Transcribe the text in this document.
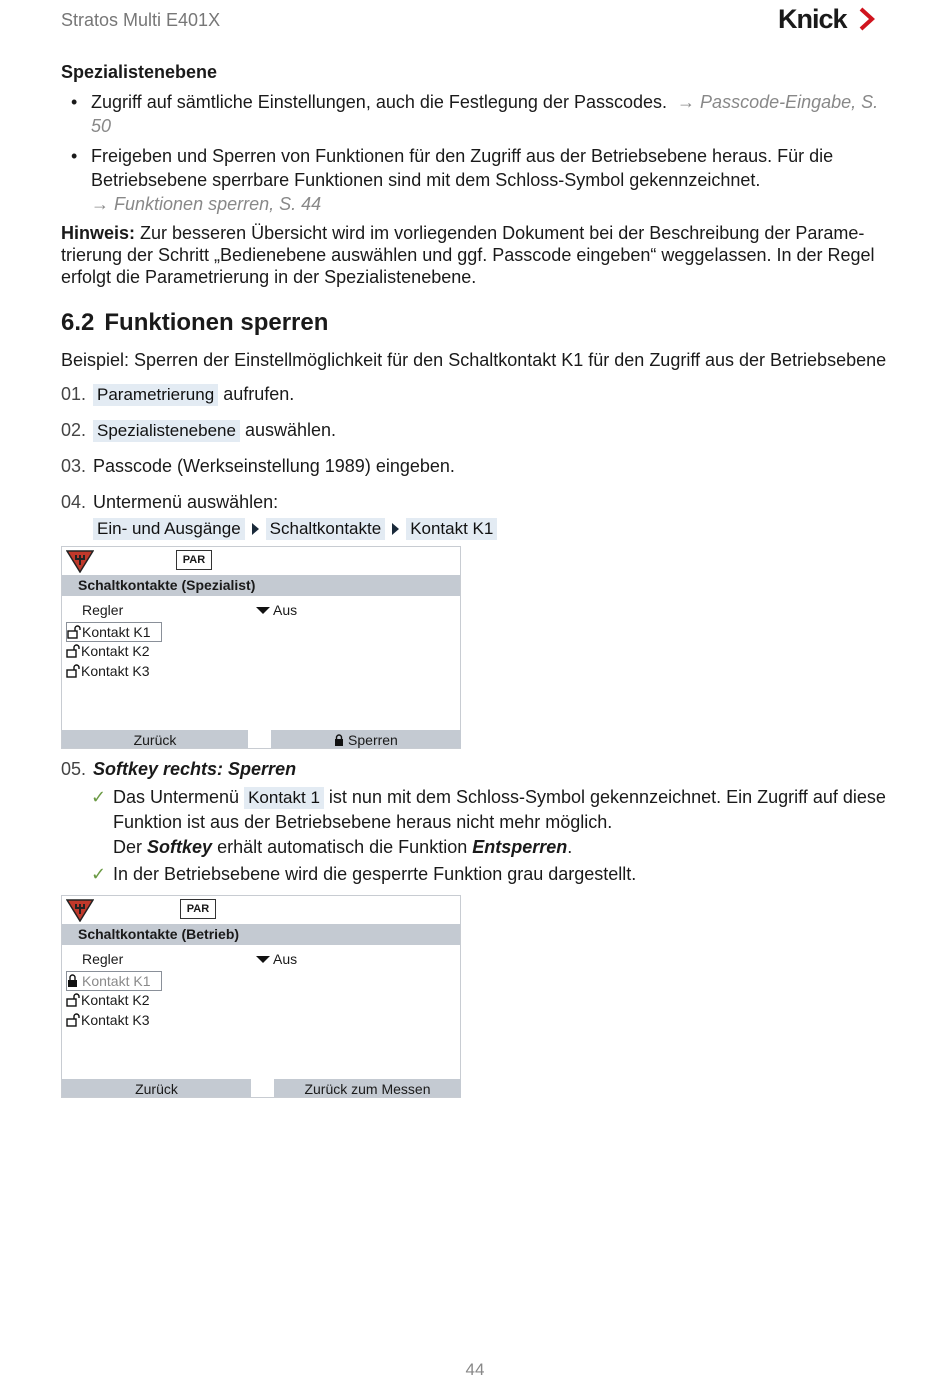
Stratos Multi E401X	Knick
Spezialistenebene
• Zugriff auf sämtliche Einstellungen, auch die Festlegung der Passcodes.  → Passcode-Eingabe, S. 50
• Freigeben und Sperren von Funktionen für den Zugriff aus der Betriebsebene heraus. Für die Betriebsebene sperrbare Funktionen sind mit dem Schloss-Symbol gekennzeichnet.
→ Funktionen sperren, S. 44
Hinweis: Zur besseren Übersicht wird im vorliegenden Dokument bei der Beschreibung der Parame-
trierung der Schritt „Bedienebene auswählen und ggf. Passcode eingeben“ weggelassen. In der Regel
erfolgt die Parametrierung in der Spezialistenebene.
6.2 Funktionen sperren
Beispiel: Sperren der Einstellmöglichkeit für den Schaltkontakt K1 für den Zugriff aus der Betriebsebene
01. Parametrierung aufrufen.
02. Spezialistenebene auswählen.
03. Passcode (Werkseinstellung 1989) eingeben.
04. Untermenü auswählen:
Ein- und Ausgänge Schaltkontakte Kontakt K1
PAR
Schaltkontakte (Spezialist)
Regler	Aus
Kontakt K1
Kontakt K2
Kontakt K3
Zurück	Sperren
05. Softkey rechts: Sperren
✓ Das Untermenü Kontakt 1 ist nun mit dem Schloss-Symbol gekennzeichnet. Ein Zugriff auf diese Funktion ist aus der Betriebsebene heraus nicht mehr möglich.
Der Softkey erhält automatisch die Funktion Entsperren.
✓ In der Betriebsebene wird die gesperrte Funktion grau dargestellt.
PAR
Schaltkontakte (Betrieb)
Regler	Aus
Kontakt K1
Kontakt K2
Kontakt K3
Zurück	Zurück zum Messen
44
